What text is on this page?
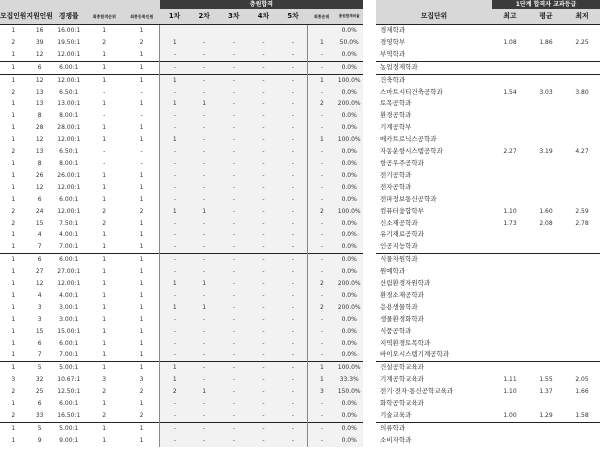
					충원합격						
모집인원	지원인원	경쟁률	최종합격순위	최종등록인원	1차	2차	3차	4차	5차	최종순위	충원합격비율
1	16	16.00:1	1	1							0.0%
2	39	19.50:1	2	2	1	-	-	-	-	1	50.0%
1	12	12.00:1	1	1	-	-	-	-	-	-	0.0%
1	6	6.00:1	1	1	-	-	-	-	-	-	0.0%
1	12	12.00:1	1	1	1	-	-	-	-	1	100.0%
2	13	6.50:1	-	-	-	-	-	-	-	-	0.0%
1	13	13.00:1	1	1	1	1	-	-	-	2	200.0%
1	8	8.00:1	-	-	-	-	-	-	-	-	0.0%
1	28	28.00:1	1	1	-	-	-	-	-	-	0.0%
1	12	12.00:1	1	1	1	-	-	-	-	1	100.0%
2	13	6.50:1	-	-	-	-	-	-	-	-	0.0%
1	8	8.00:1	-	-	-	-	-	-	-	-	0.0%
1	26	26.00:1	1	1	-	-	-	-	-	-	0.0%
1	12	12.00:1	1	1	-	-	-	-	-	-	0.0%
1	6	6.00:1	1	1	-	-	-	-	-	-	0.0%
2	24	12.00:1	2	2	1	1	-	-	-	2	100.0%
2	15	7.50:1	2	1	-	-	-	-	-	-	0.0%
1	4	4.00:1	1	1	-	-	-	-	-	-	0.0%
1	7	7.00:1	1	1	-	-	-	-	-	-	0.0%
1	6	6.00:1	1	1	-	-	-	-	-	-	0.0%
1	27	27.00:1	1	1	-	-	-	-	-	-	0.0%
1	12	12.00:1	1	1	1	1	-	-	-	2	200.0%
1	4	4.00:1	1	1	-	-	-	-	-	-	0.0%
1	3	3.00:1	1	1	1	1	-	-	-	2	200.0%
1	3	3.00:1	1	1	-	-	-	-	-	-	0.0%
1	15	15.00:1	1	1	-	-	-	-	-	-	0.0%
1	6	6.00:1	1	1	-	-	-	-	-	-	0.0%
1	7	7.00:1	1	1	-	-	-	-	-	-	0.0%
1	5	5.00:1	1	1	1	-	-	-	-	1	100.0%
3	32	10.67:1	3	3	1	-	-	-	-	1	33.3%
2	25	12.50:1	2	2	2	1	-	-	-	3	150.0%
1	6	6.00:1	1	1	-	-	-	-	-	-	0.0%
2	33	16.50:1	2	2	-	-	-	-	-	-	0.0%
1	5	5.00:1	1	1	-	-	-	-	-	-	0.0%
1	9	9.00:1	1	1	-	-	-	-	-	-	0.0%
	1단계 합격자 교과등급		
모집단위	최고	평균	최저
경제학과			
경영학부	1.08	1.86	2.25
부역학과			
농업경제학과			
건축학과			
스마트시티건축공학과	1.54	3.03	3.80
토목공학과			
환경공학과			
기계공학부			
메카트로닉스공학과			
자동운항시스템공학과	2.27	3.19	4.27
항공우주공학과			
전기공학과			
전자공학과			
전파정보통신공학과			
컴퓨터융합학부	1.10	1.60	2.59
신소재공학과	1.73	2.08	2.78
유기재료공학과			
인공지능학과			
식물자원학과			
원예학과			
산림환경자원학과			
환경소재공학과			
응용생물학과			
생물환경화학과			
식품공학과			
지역환경토목학과			
바이오시스템기계공학과			
건설공학교육과			
기계공학교육과	1.11	1.55	2.05
전기·전자·통신공학교육과	1.10	1.37	1.66
화학공학교육과			
기술교육과	1.00	1.29	1.58
의류학과			
소비자학과			
